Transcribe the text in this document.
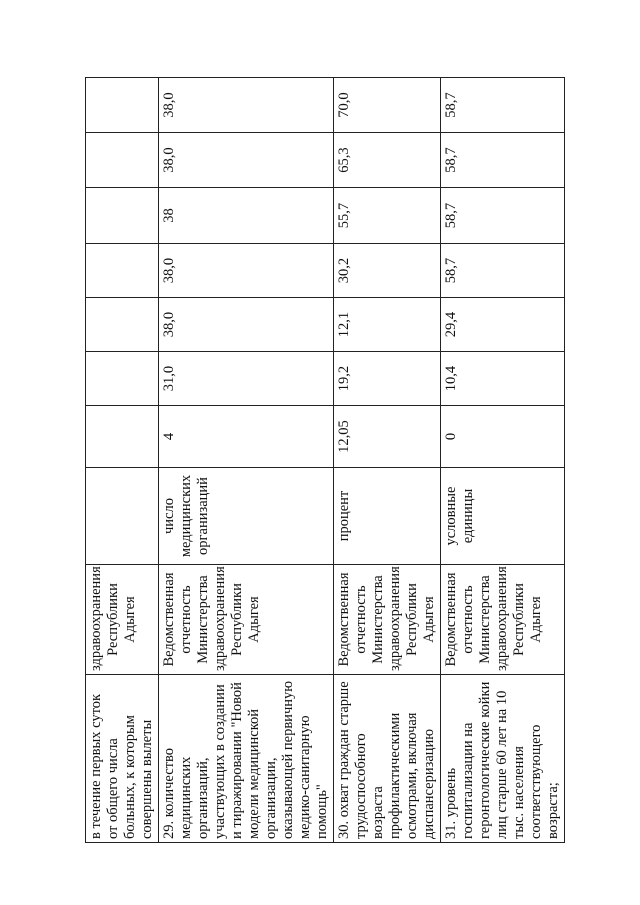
в течение первых суток от общего числа больных, к которым совершены вылеты	здравоохранения Республики Адыгея								
29. количество медицинских организаций, участвующих в создании и тиражировании "Новой модели медицинской организации, оказывающей первичную медико-санитарную помощь"	Ведомственная отчетность Министерства здравоохранения Республики Адыгея	число медицинских организаций	4	31,0	38,0	38,0	38	38,0	38,0
30. охват граждан старше трудоспособного возраста профилактическими осмотрами, включая диспансеризацию	Ведомственная отчетность Министерства здравоохранения Республики Адыгея	процент	12,05	19,2	12,1	30,2	55,7	65,3	70,0
31. уровень госпитализации на геронтологические койки лиц старше 60 лет на 10 тыс. населения соответствующего возраста;	Ведомственная отчетность Министерства здравоохранения Республики Адыгея	условные единицы	0	10,4	29,4	58,7	58,7	58,7	58,7
